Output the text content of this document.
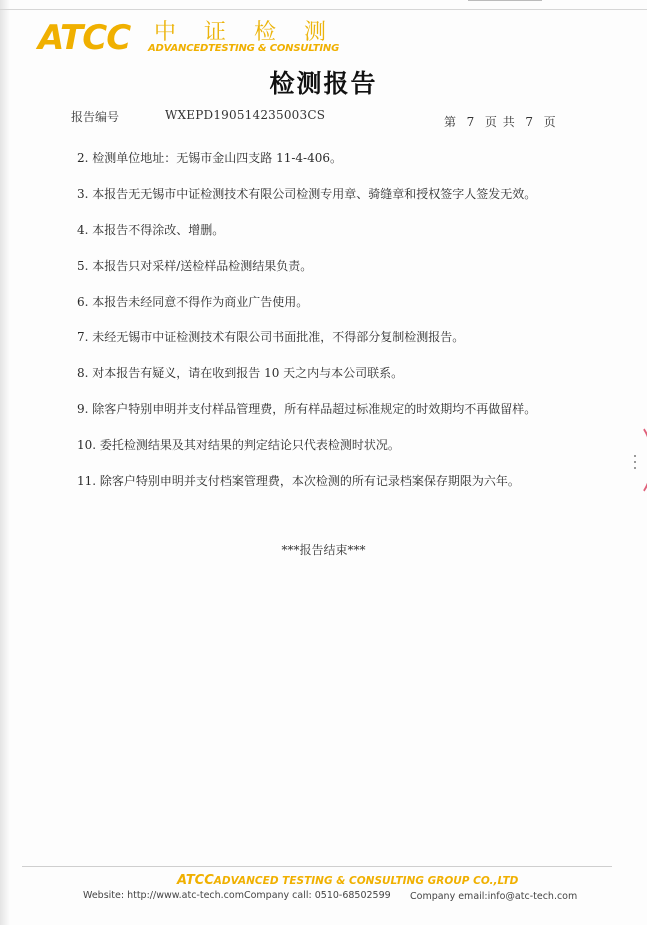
ATCC 中证检测
ADVANCEDTESTING & CONSULTING
检测报告
报告编号	WXEPD190514235003CS	第  7  页 共  7  页
2. 检测单位地址：无锡市金山四支路 11-4-406。
3. 本报告无无锡市中证检测技术有限公司检测专用章、骑缝章和授权签字人签发无效。
4. 本报告不得涂改、增删。
5. 本报告只对采样/送检样品检测结果负责。
6. 本报告未经同意不得作为商业广告使用。
7. 未经无锡市中证检测技术有限公司书面批准，不得部分复制检测报告。
8. 对本报告有疑义，请在收到报告 10 天之内与本公司联系。
9. 除客户特别申明并支付样品管理费，所有样品超过标准规定的时效期均不再做留样。
10. 委托检测结果及其对结果的判定结论只代表检测时状况。
11. 除客户特别申明并支付档案管理费，本次检测的所有记录档案保存期限为六年。
***报告结束***
ATCCADVANCED TESTING & CONSULTING GROUP CO.,LTD
Website: http://www.atc-tech.comCompany call: 0510-68502599 Company email:info@atc-tech.com
